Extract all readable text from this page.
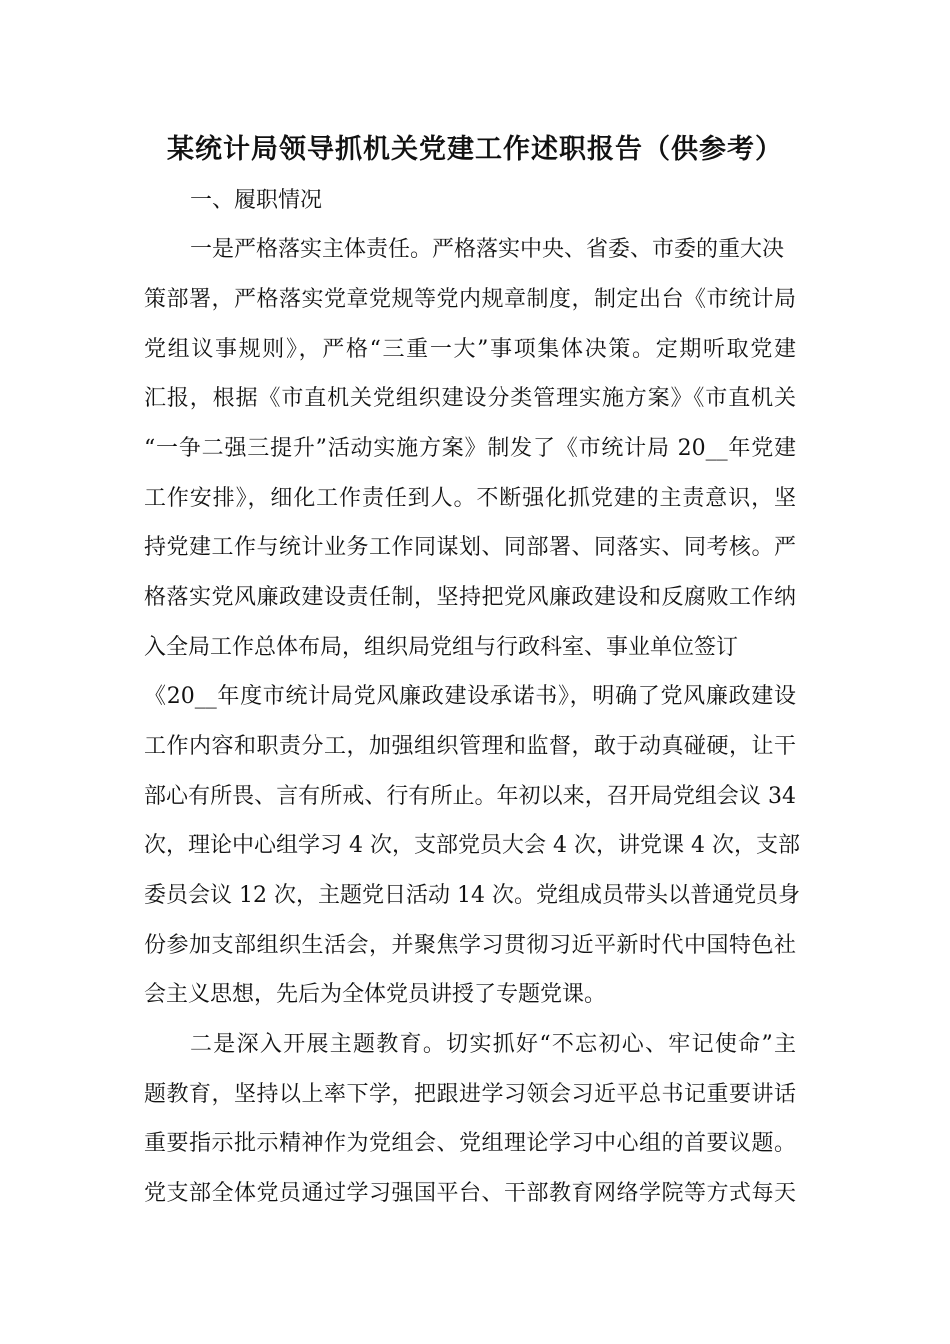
某统计局领导抓机关党建工作述职报告（供参考）
一、履职情况
一是严格落实主体责任。严格落实中央、省委、市委的重大决
策部署，严格落实党章党规等党内规章制度，制定出台《市统计局
党组议事规则》，严格“三重一大”事项集体决策。定期听取党建
汇报，根据《市直机关党组织建设分类管理实施方案》《市直机关
“一争二强三提升”活动实施方案》制发了《市统计局 20__年党建
工作安排》，细化工作责任到人。不断强化抓党建的主责意识，坚
持党建工作与统计业务工作同谋划、同部署、同落实、同考核。严
格落实党风廉政建设责任制，坚持把党风廉政建设和反腐败工作纳
入全局工作总体布局，组织局党组与行政科室、事业单位签订
《20__年度市统计局党风廉政建设承诺书》，明确了党风廉政建设
工作内容和职责分工，加强组织管理和监督，敢于动真碰硬，让干
部心有所畏、言有所戒、行有所止。年初以来，召开局党组会议 34
次，理论中心组学习 4 次，支部党员大会 4 次，讲党课 4 次，支部
委员会议 12 次，主题党日活动 14 次。党组成员带头以普通党员身
份参加支部组织生活会，并聚焦学习贯彻习近平新时代中国特色社
会主义思想，先后为全体党员讲授了专题党课。
二是深入开展主题教育。切实抓好“不忘初心、牢记使命”主
题教育，坚持以上率下学，把跟进学习领会习近平总书记重要讲话
重要指示批示精神作为党组会、党组理论学习中心组的首要议题。
党支部全体党员通过学习强国平台、干部教育网络学院等方式每天
